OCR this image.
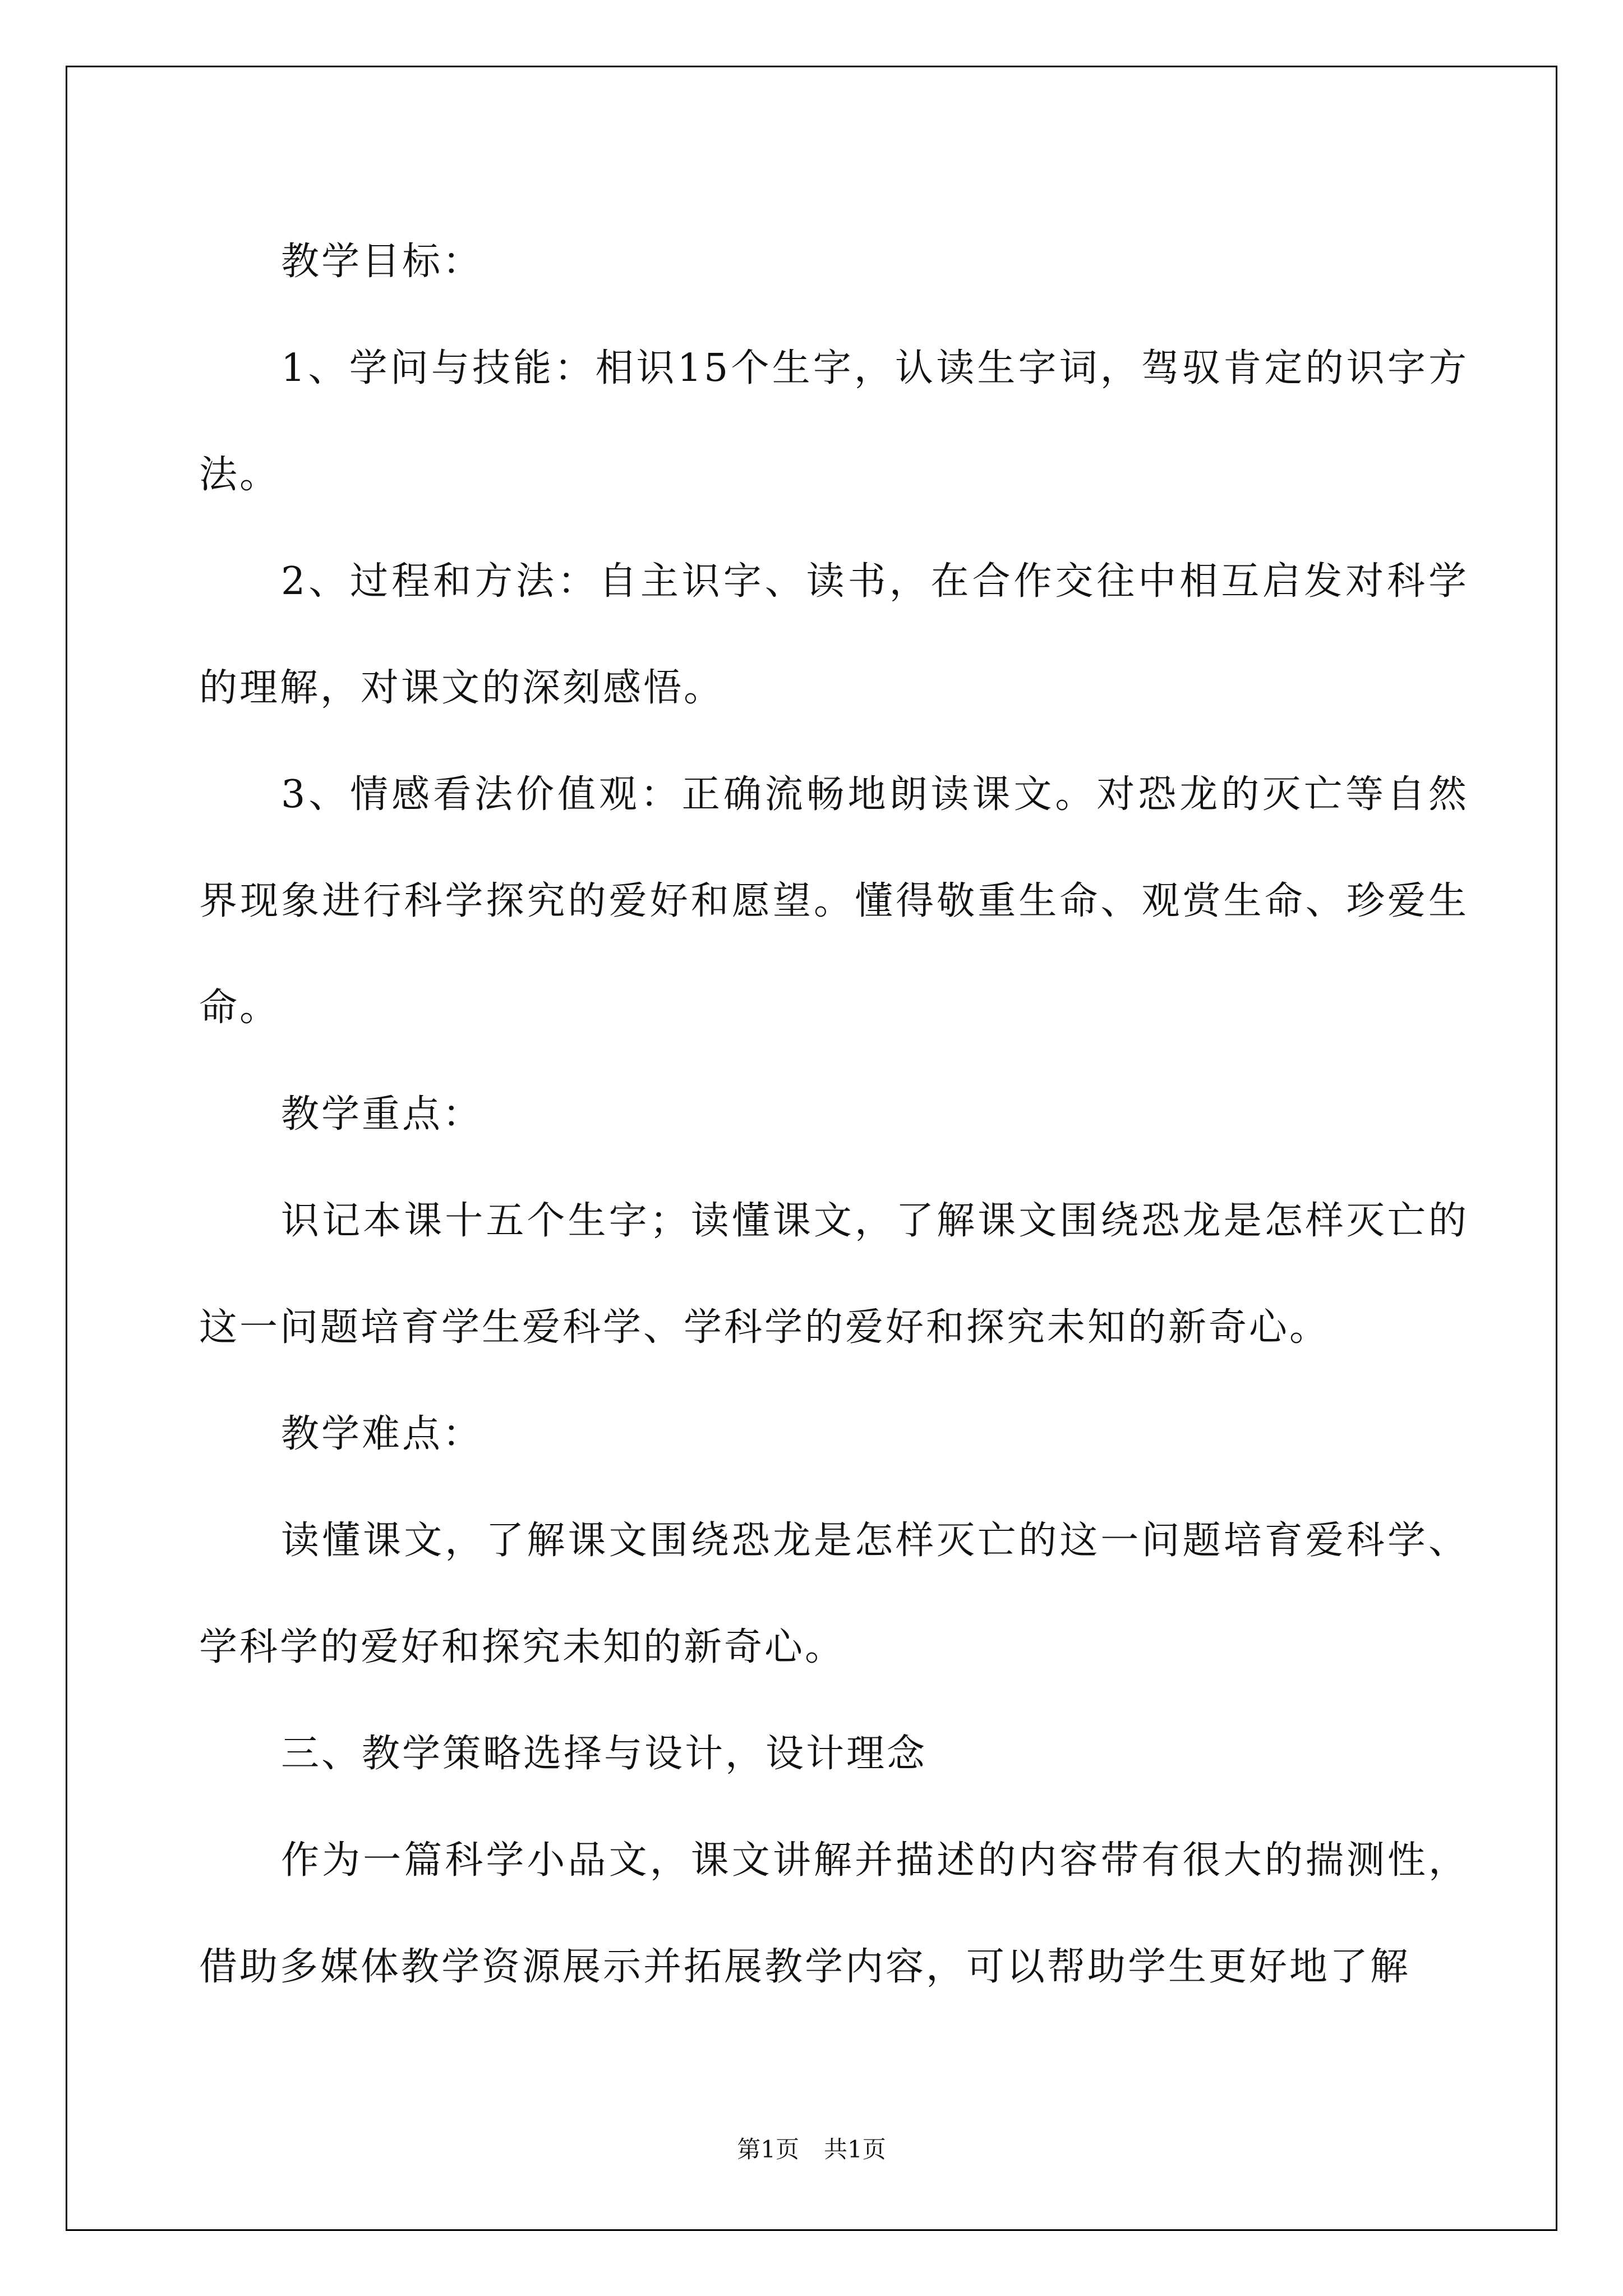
教学目标：

1、学问与技能：相识15个生字，认读生字词，驾驭肯定的识字方法。

2、过程和方法：自主识字、读书，在合作交往中相互启发对科学的理解，对课文的深刻感悟。

3、情感看法价值观：正确流畅地朗读课文。对恐龙的灭亡等自然界现象进行科学探究的爱好和愿望。懂得敬重生命、观赏生命、珍爱生命。

教学重点：

识记本课十五个生字；读懂课文，了解课文围绕恐龙是怎样灭亡的这一问题培育学生爱科学、学科学的爱好和探究未知的新奇心。

教学难点：

读懂课文，了解课文围绕恐龙是怎样灭亡的这一问题培育爱科学、学科学的爱好和探究未知的新奇心。

三、教学策略选择与设计，设计理念

作为一篇科学小品文，课文讲解并描述的内容带有很大的揣测性，借助多媒体教学资源展示并拓展教学内容，可以帮助学生更好地了解

第1页 共1页
